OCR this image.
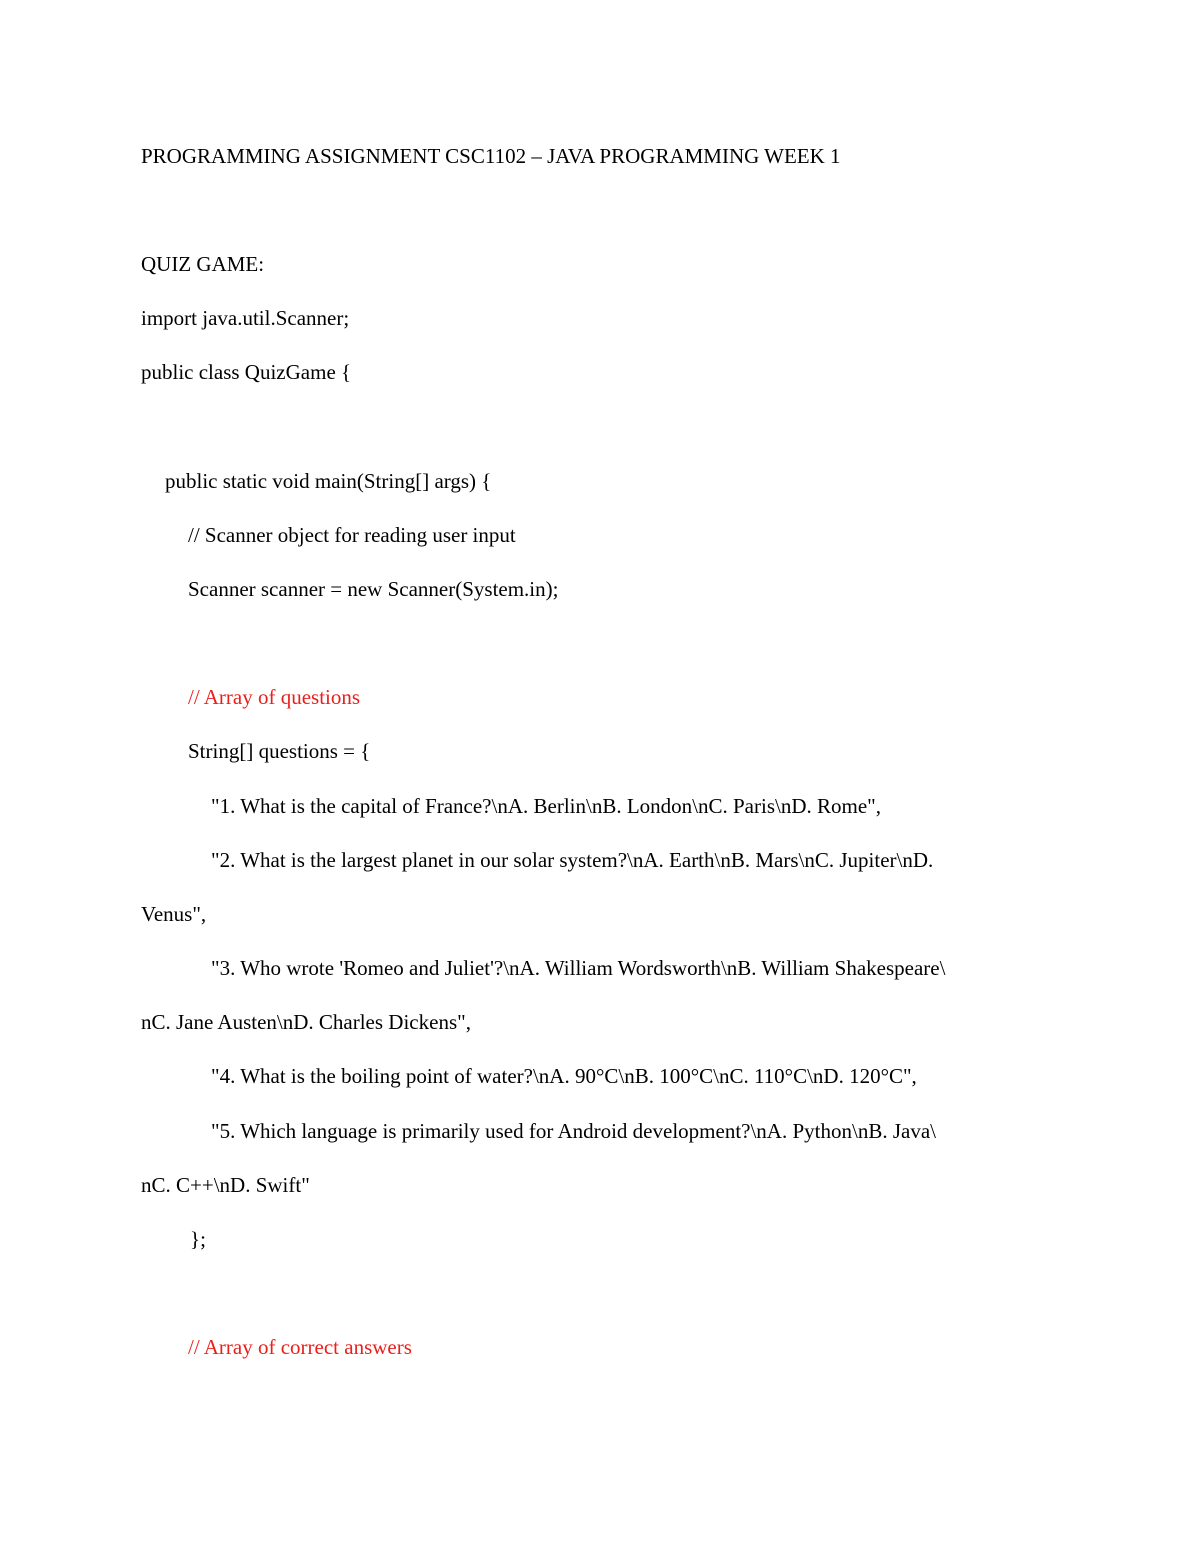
PROGRAMMING ASSIGNMENT CSC1102 – JAVA PROGRAMMING WEEK 1

QUIZ GAME:

import java.util.Scanner;

public class QuizGame {

public static void main(String[] args) {

// Scanner object for reading user input

Scanner scanner = new Scanner(System.in);

// Array of questions

String[] questions = {

"1. What is the capital of France?\nA. Berlin\nB. London\nC. Paris\nD. Rome",

"2. What is the largest planet in our solar system?\nA. Earth\nB. Mars\nC. Jupiter\nD.

Venus",

"3. Who wrote 'Romeo and Juliet'?\nA. William Wordsworth\nB. William Shakespeare\

nC. Jane Austen\nD. Charles Dickens",

"4. What is the boiling point of water?\nA. 90°C\nB. 100°C\nC. 110°C\nD. 120°C",

"5. Which language is primarily used for Android development?\nA. Python\nB. Java\

nC. C++\nD. Swift"

};

// Array of correct answers
